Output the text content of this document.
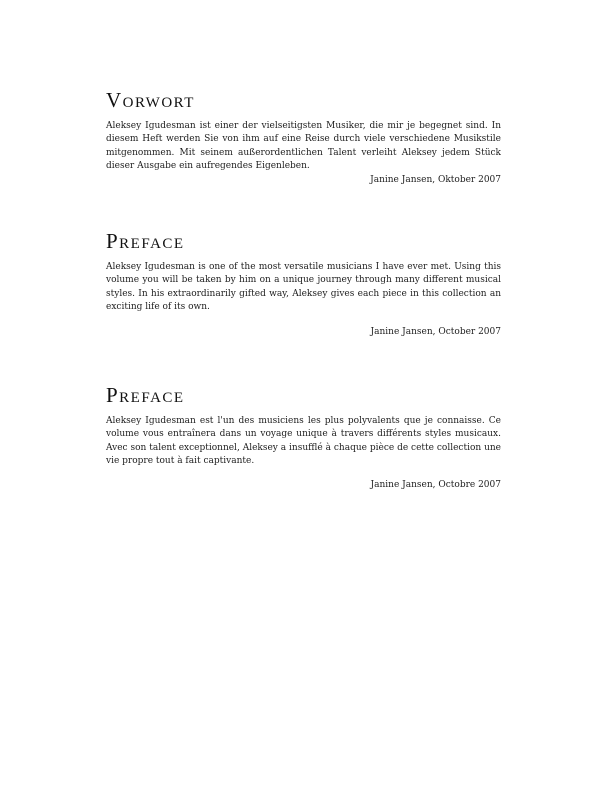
Vorwort

Aleksey Igudesman ist einer der vielseitigsten Musiker, die mir je begegnet sind. In diesem Heft werden Sie von ihm auf eine Reise durch viele verschiedene Musikstile mitgenommen. Mit seinem außerordentlichen Talent verleiht Aleksey jedem Stück dieser Ausgabe ein aufregendes Eigenleben.

Janine Jansen, Oktober 2007

Preface

Aleksey Igudesman is one of the most versatile musicians I have ever met. Using this volume you will be taken by him on a unique journey through many different musical styles. In his extraordinarily gifted way, Aleksey gives each piece in this collection an exciting life of its own.

Janine Jansen, October 2007

Preface

Aleksey Igudesman est l'un des musiciens les plus polyvalents que je connaisse. Ce volume vous entraînera dans un voyage unique à travers différents styles musicaux. Avec son talent exceptionnel, Aleksey a insufflé à chaque pièce de cette collection une vie propre tout à fait captivante.

Janine Jansen, Octobre 2007
